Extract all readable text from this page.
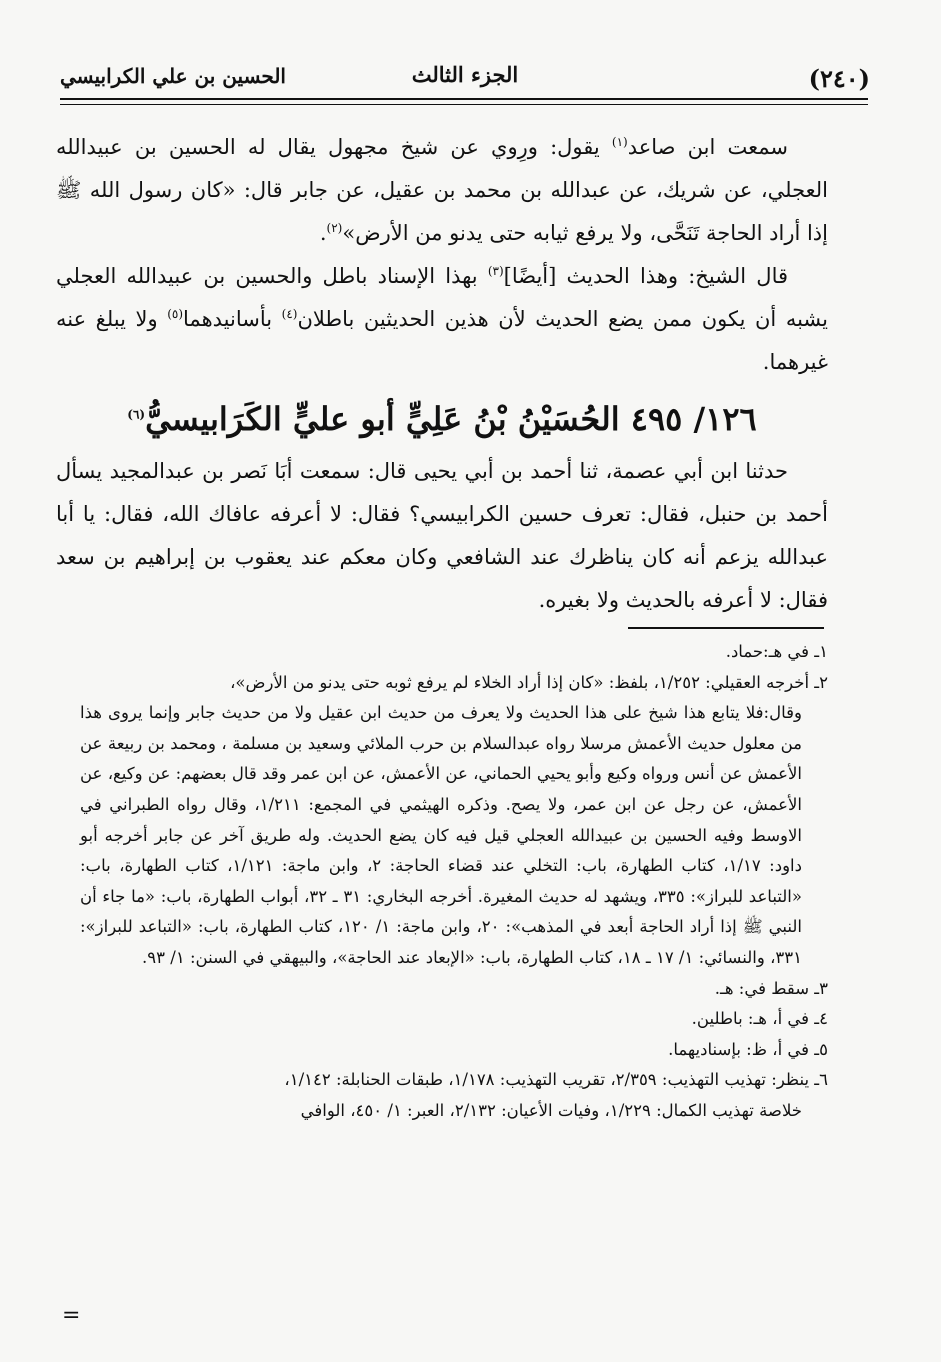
(٢٤٠)
الجزء الثالث
الحسين بن علي الكرابيسي

سمعت ابن صاعد$^{(١)}$ يقول: ورِوي عن شيخ مجهول يقال له الحسين بن عبيدالله العجلي، عن شريك، عن عبدالله بن محمد بن عقيل، عن جابر قال: «كان رسول الله ﷺ إذا أراد الحاجة تَنَحَّى، ولا يرفع ثيابه حتى يدنو من الأرض»$^{(٢)}$.

قال الشيخ: وهذا الحديث [أيضًا]$^{(٣)}$ بهذا الإسناد باطل والحسين بن عبيدالله العجلي يشبه أن يكون ممن يضع الحديث لأن هذين الحديثين باطلان$^{(٤)}$ بأسانيدهما$^{(٥)}$ ولا يبلغ عنه غيرهما.

١٢٦/ ٤٩٥ الحُسَيْنُ بْنُ عَلِيٍّ أبو عليٍّ الكَرَابيسيُّ$^{(٦)}$

حدثنا ابن أبي عصمة، ثنا أحمد بن أبي يحيى قال: سمعت أبَا نَصر بن عبدالمجيد يسأل أحمد بن حنبل، فقال: تعرف حسين الكرابيسي؟ فقال: لا أعرفه عافاك الله، فقال: يا أبا عبدالله يزعم أنه كان يناظرك عند الشافعي وكان معكم عند يعقوب بن إبراهيم بن سعد فقال: لا أعرفه بالحديث ولا بغيره.

١ـ في هـ:حماد.

٢ـ أخرجه العقيلي: ١/٢٥٢، بلفظ: «كان إذا أراد الخلاء لم يرفع ثوبه حتى يدنو من الأرض»،

وقال:فلا يتابع هذا شيخ على هذا الحديث ولا يعرف من حديث ابن عقيل ولا من حديث جابر وإنما يروى هذا من معلول حديث الأعمش مرسلا رواه عبدالسلام بن حرب الملائي وسعيد بن مسلمة ، ومحمد بن ربيعة عن الأعمش عن أنس ورواه وكيع وأبو يحيي الحماني، عن الأعمش، عن ابن عمر وقد قال بعضهم: عن وكيع، عن الأعمش، عن رجل عن ابن عمر، ولا يصح. وذكره الهيثمي في المجمع: ١/٢١١، وقال رواه الطبراني في الاوسط وفيه الحسين بن عبيدالله العجلي قيل فيه كان يضع الحديث. وله طريق آخر عن جابر أخرجه أبو داود: ١/١٧، كتاب الطهارة، باب: التخلي عند قضاء الحاجة: ٢، وابن ماجة: ١/١٢١، كتاب الطهارة، باب: «التباعد للبراز»: ٣٣٥، ويشهد له حديث المغيرة. أخرجه البخاري: ٣١ ـ ٣٢، أبواب الطهارة، باب: «ما جاء أن النبي ﷺ إذا أراد الحاجة أبعد في المذهب»: ٢٠، وابن ماجة: ١/ ١٢٠، كتاب الطهارة، باب: «التباعد للبراز»: ٣٣١، والنسائي: ١/ ١٧ ـ ١٨، كتاب الطهارة، باب: «الإبعاد عند الحاجة»، والبيهقي في السنن: ١/ ٩٣.

٣ـ سقط في: هـ.

٤ـ في أ، هـ: باطلين.

٥ـ في أ، ظ: بإسناديهما.

٦ـ ينظر: تهذيب التهذيب: ٢/٣٥٩، تقريب التهذيب: ١/١٧٨، طبقات الحنابلة: ١/١٤٢،

خلاصة تهذيب الكمال: ١/٢٢٩، وفيات الأعيان: ٢/١٣٢، العبر: ١/ ٤٥٠، الوافي

=
